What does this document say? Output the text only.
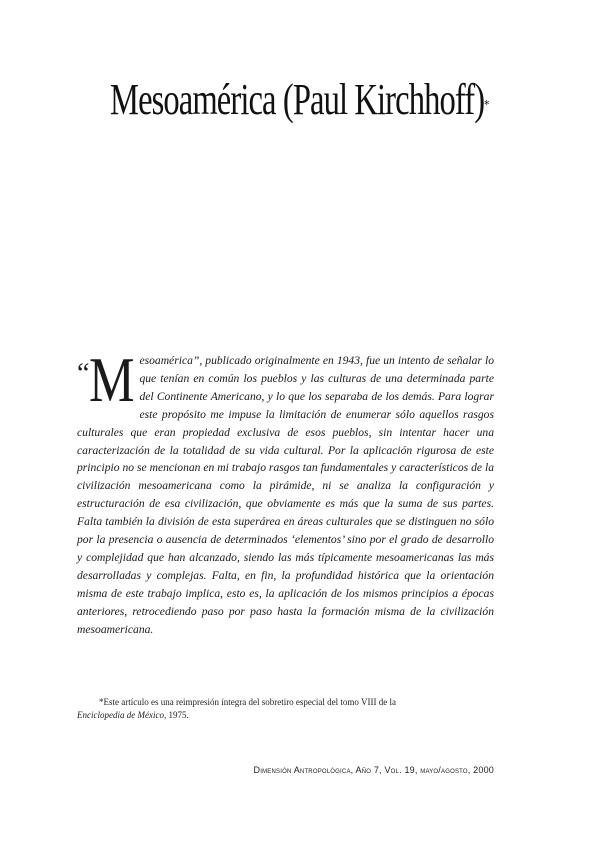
Mesoamérica (Paul Kirchhoff)*
“ M esoamérica”, publicado originalmente en 1943, fue un intento de señalar lo que tenían en común los pueblos y las culturas de una determinada parte del Continente Americano, y lo que los separaba de los demás. Para lograr este propósito me impuse la limitación de enumerar sólo aquellos rasgos culturales que eran propiedad exclusiva de esos pueblos, sin intentar hacer una caracterización de la totalidad de su vida cultural. Por la aplicación rigurosa de este principio no se mencionan en mi trabajo rasgos tan fundamentales y característicos de la civilización mesoamericana como la pirámide, ni se analiza la configuración y estructuración de esa civilización, que obviamente es más que la suma de sus partes. Falta también la división de esta superárea en áreas culturales que se distinguen no sólo por la presencia o ausencia de determinados ‘elementos’ sino por el grado de desarrollo y complejidad que han alcanzado, siendo las más típicamente mesoamericanas las más desarrolladas y complejas. Falta, en fin, la profundidad histórica que la orientación misma de este trabajo implica, esto es, la aplicación de los mismos principios a épocas anteriores, retrocediendo paso por paso hasta la formación misma de la civilización mesoamericana.

*Este artículo es una reimpresión íntegra del sobretiro especial del tomo VIII de la
Enciclopedia de México, 1975.
Dimensión Antropológica, Año 7, Vol. 19, mayo/agosto, 2000
